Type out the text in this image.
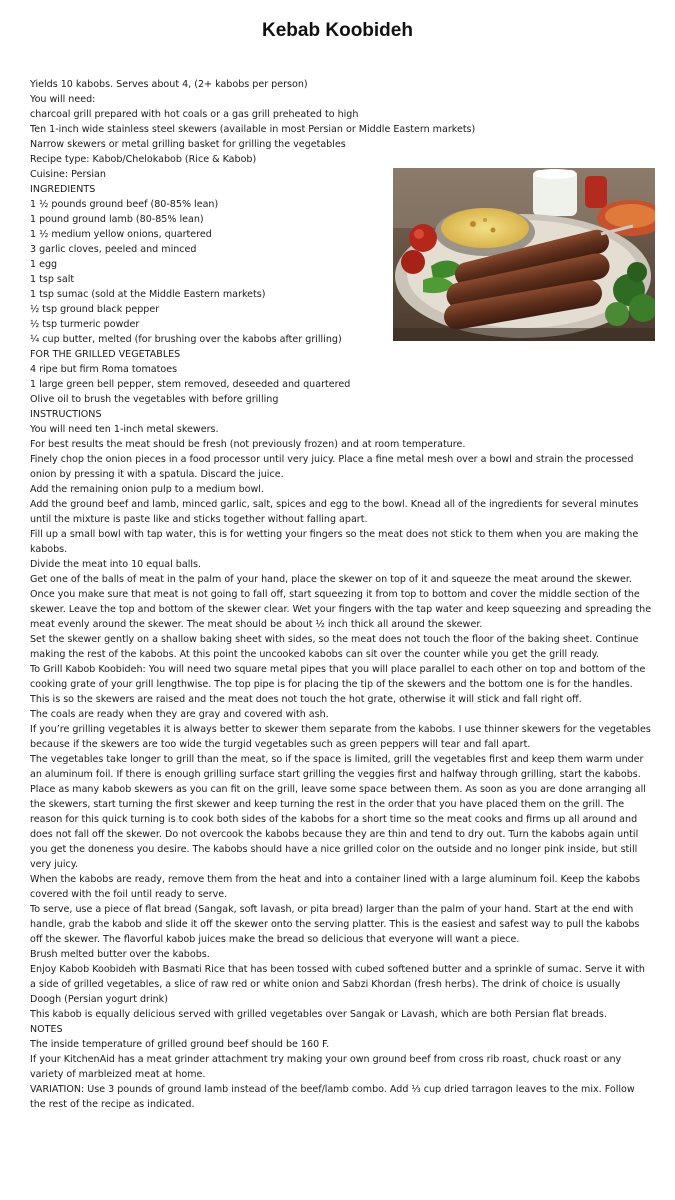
Kebab Koobideh
Yields 10 kabobs. Serves about 4, (2+ kabobs per person)
You will need:
charcoal grill prepared with hot coals or a gas grill preheated to high
Ten 1-inch wide stainless steel skewers (available in most Persian or Middle Eastern markets)
Narrow skewers or metal grilling basket for grilling the vegetables
Recipe type: Kabob/Chelokabob (Rice & Kabob)
Cuisine: Persian
INGREDIENTS
1 ½ pounds ground beef (80-85% lean)
1 pound ground lamb (80-85% lean)
1 ½ medium yellow onions, quartered
3 garlic cloves, peeled and minced
1 egg
1 tsp salt
1 tsp sumac (sold at the Middle Eastern markets)
½ tsp ground black pepper
½ tsp turmeric powder
¼ cup butter, melted (for brushing over the kabobs after grilling)
FOR THE GRILLED VEGETABLES
4 ripe but firm Roma tomatoes
1 large green bell pepper, stem removed, deseeded and quartered
Olive oil to brush the vegetables with before grilling
INSTRUCTIONS
You will need ten 1-inch metal skewers.

For best results the meat should be fresh (not previously frozen) and at room temperature.

Finely chop the onion pieces in a food processor until very juicy. Place a fine metal mesh over a bowl and strain the processed onion by pressing it with a spatula. Discard the juice.

Add the remaining onion pulp to a medium bowl.

Add the ground beef and lamb, minced garlic, salt, spices and egg to the bowl. Knead all of the ingredients for several minutes until the mixture is paste like and sticks together without falling apart.

Fill up a small bowl with tap water, this is for wetting your fingers so the meat does not stick to them when you are making the kabobs.

Divide the meat into 10 equal balls.

Get one of the balls of meat in the palm of your hand, place the skewer on top of it and squeeze the meat around the skewer. Once you make sure that meat is not going to fall off, start squeezing it from top to bottom and cover the middle section of the skewer. Leave the top and bottom of the skewer clear. Wet your fingers with the tap water and keep squeezing and spreading the meat evenly around the skewer. The meat should be about ½ inch thick all around the skewer.

Set the skewer gently on a shallow baking sheet with sides, so the meat does not touch the floor of the baking sheet. Continue making the rest of the kabobs. At this point the uncooked kabobs can sit over the counter while you get the grill ready.

To Grill Kabob Koobideh: You will need two square metal pipes that you will place parallel to each other on top and bottom of the cooking grate of your grill lengthwise. The top pipe is for placing the tip of the skewers and the bottom one is for the handles. This is so the skewers are raised and the meat does not touch the hot grate, otherwise it will stick and fall right off.

The coals are ready when they are gray and covered with ash.

If you’re grilling vegetables it is always better to skewer them separate from the kabobs. I use thinner skewers for the vegetables because if the skewers are too wide the turgid vegetables such as green peppers will tear and fall apart.

The vegetables take longer to grill than the meat, so if the space is limited, grill the vegetables first and keep them warm under an aluminum foil. If there is enough grilling surface start grilling the veggies first and halfway through grilling, start the kabobs.

Place as many kabob skewers as you can fit on the grill, leave some space between them. As soon as you are done arranging all the skewers, start turning the first skewer and keep turning the rest in the order that you have placed them on the grill. The reason for this quick turning is to cook both sides of the kabobs for a short time so the meat cooks and firms up all around and does not fall off the skewer. Do not overcook the kabobs because they are thin and tend to dry out. Turn the kabobs again until you get the doneness you desire. The kabobs should have a nice grilled color on the outside and no longer pink inside, but still very juicy.

When the kabobs are ready, remove them from the heat and into a container lined with a large aluminum foil. Keep the kabobs covered with the foil until ready to serve.

To serve, use a piece of flat bread (Sangak, soft lavash, or pita bread) larger than the palm of your hand. Start at the end with handle, grab the kabob and slide it off the skewer onto the serving platter. This is the easiest and safest way to pull the kabobs off the skewer. The flavorful kabob juices make the bread so delicious that everyone will want a piece.

Brush melted butter over the kabobs.

Enjoy Kabob Koobideh with Basmati Rice that has been tossed with cubed softened butter and a sprinkle of sumac. Serve it with a side of grilled vegetables, a slice of raw red or white onion and Sabzi Khordan (fresh herbs). The drink of choice is usually Doogh (Persian yogurt drink)

This kabob is equally delicious served with grilled vegetables over Sangak or Lavash, which are both Persian flat breads.

NOTES

The inside temperature of grilled ground beef should be 160 F.

If your KitchenAid has a meat grinder attachment try making your own ground beef from cross rib roast, chuck roast or any variety of marbleized meat at home.

VARIATION: Use 3 pounds of ground lamb instead of the beef/lamb combo. Add ⅓ cup dried tarragon leaves to the mix. Follow the rest of the recipe as indicated.
